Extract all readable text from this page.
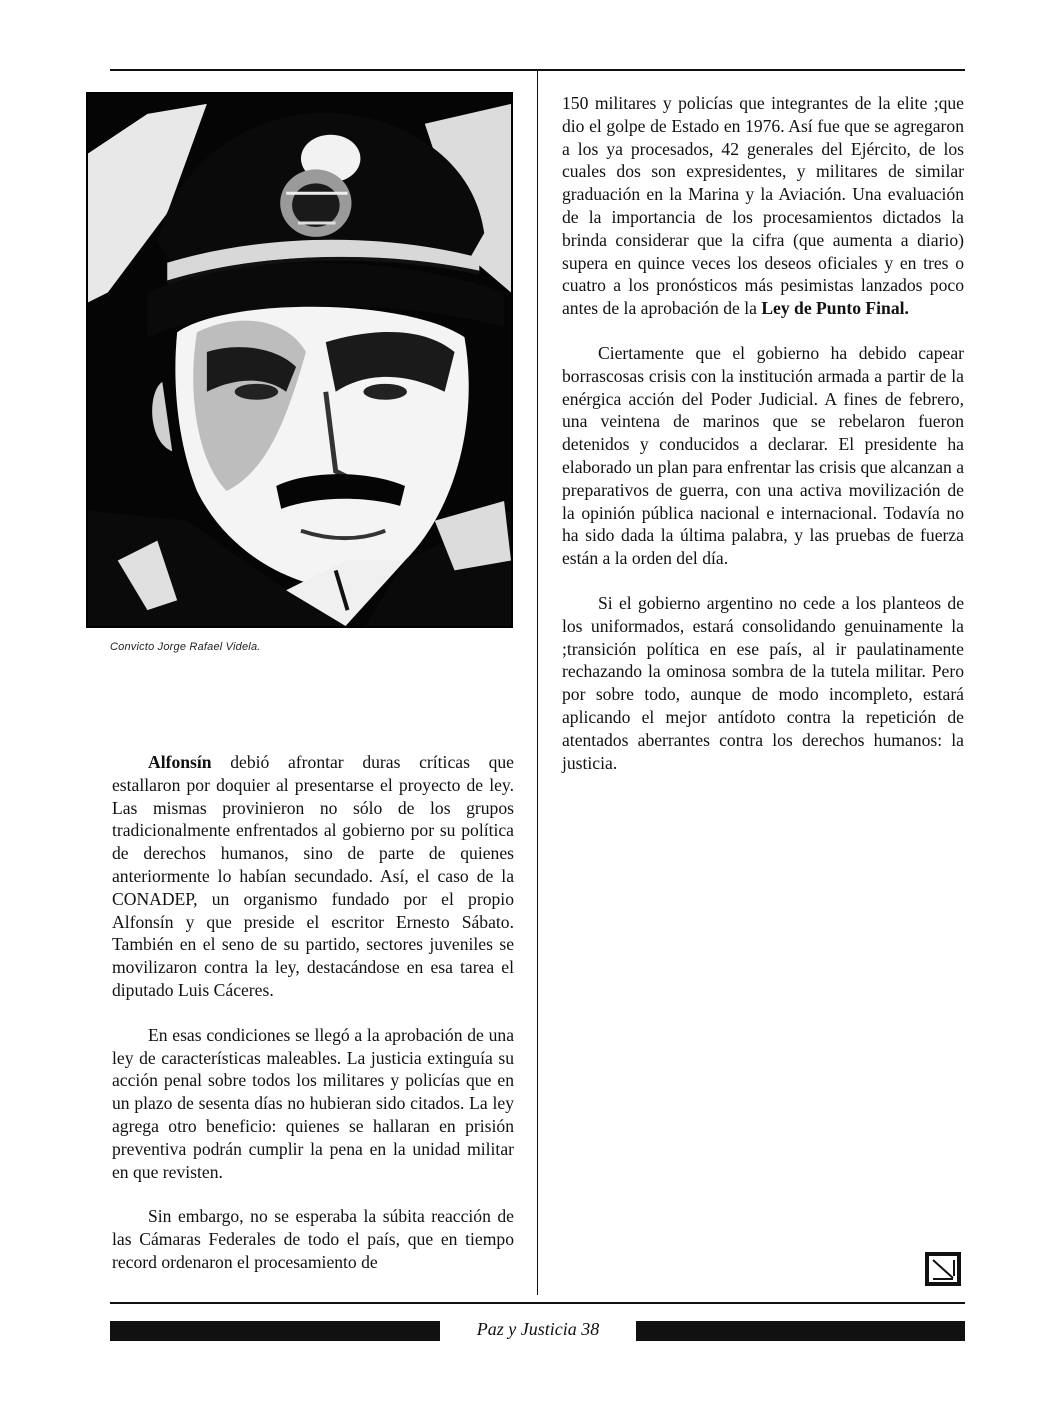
Convicto Jorge Rafael Videla.

Alfonsín debió afrontar duras críticas que estallaron por doquier al presentarse el proyecto de ley. Las mismas provinieron no sólo de los grupos tradicionalmente enfrentados al gobierno por su política de derechos humanos, sino de parte de quienes anteriormente lo habían secundado. Así, el caso de la CONADEP, un organismo fundado por el propio Alfonsín y que preside el escritor Ernesto Sábato. También en el seno de su partido, sectores juveniles se movilizaron contra la ley, destacándose en esa tarea el diputado Luis Cáceres.

En esas condiciones se llegó a la aprobación de una ley de características maleables. La justicia extinguía su acción penal sobre todos los militares y policías que en un plazo de sesenta días no hubieran sido citados. La ley agrega otro beneficio: quienes se hallaran en prisión preventiva podrán cumplir la pena en la unidad militar en que revisten.

Sin embargo, no se esperaba la súbita reacción de las Cámaras Federales de todo el país, que en tiempo record ordenaron el procesamiento de

150 militares y policías que integrantes de la elite ;que dio el golpe de Estado en 1976. Así fue que se agregaron a los ya procesados, 42 generales del Ejército, de los cuales dos son expresidentes, y militares de similar graduación en la Marina y la Aviación. Una evaluación de la importancia de los procesamientos dictados la brinda considerar que la cifra (que aumenta a diario) supera en quince veces los deseos oficiales y en tres o cuatro a los pronósticos más pesimistas lanzados poco antes de la aprobación de la Ley de Punto Final.

Ciertamente que el gobierno ha debido capear borrascosas crisis con la institución armada a partir de la enérgica acción del Poder Judicial. A fines de febrero, una veintena de marinos que se rebelaron fueron detenidos y conducidos a declarar. El presidente ha elaborado un plan para enfrentar las crisis que alcanzan a preparativos de guerra, con una activa movilización de la opinión pública nacional e internacional. Todavía no ha sido dada la última palabra, y las pruebas de fuerza están a la orden del día.

Si el gobierno argentino no cede a los planteos de los uniformados, estará consolidando genuinamente la ;transición política en ese país, al ir paulatinamente rechazando la ominosa sombra de la tutela militar. Pero por sobre todo, aunque de modo incompleto, estará aplicando el mejor antídoto contra la repetición de atentados aberrantes contra los derechos humanos: la justicia.

Paz y Justicia 38
